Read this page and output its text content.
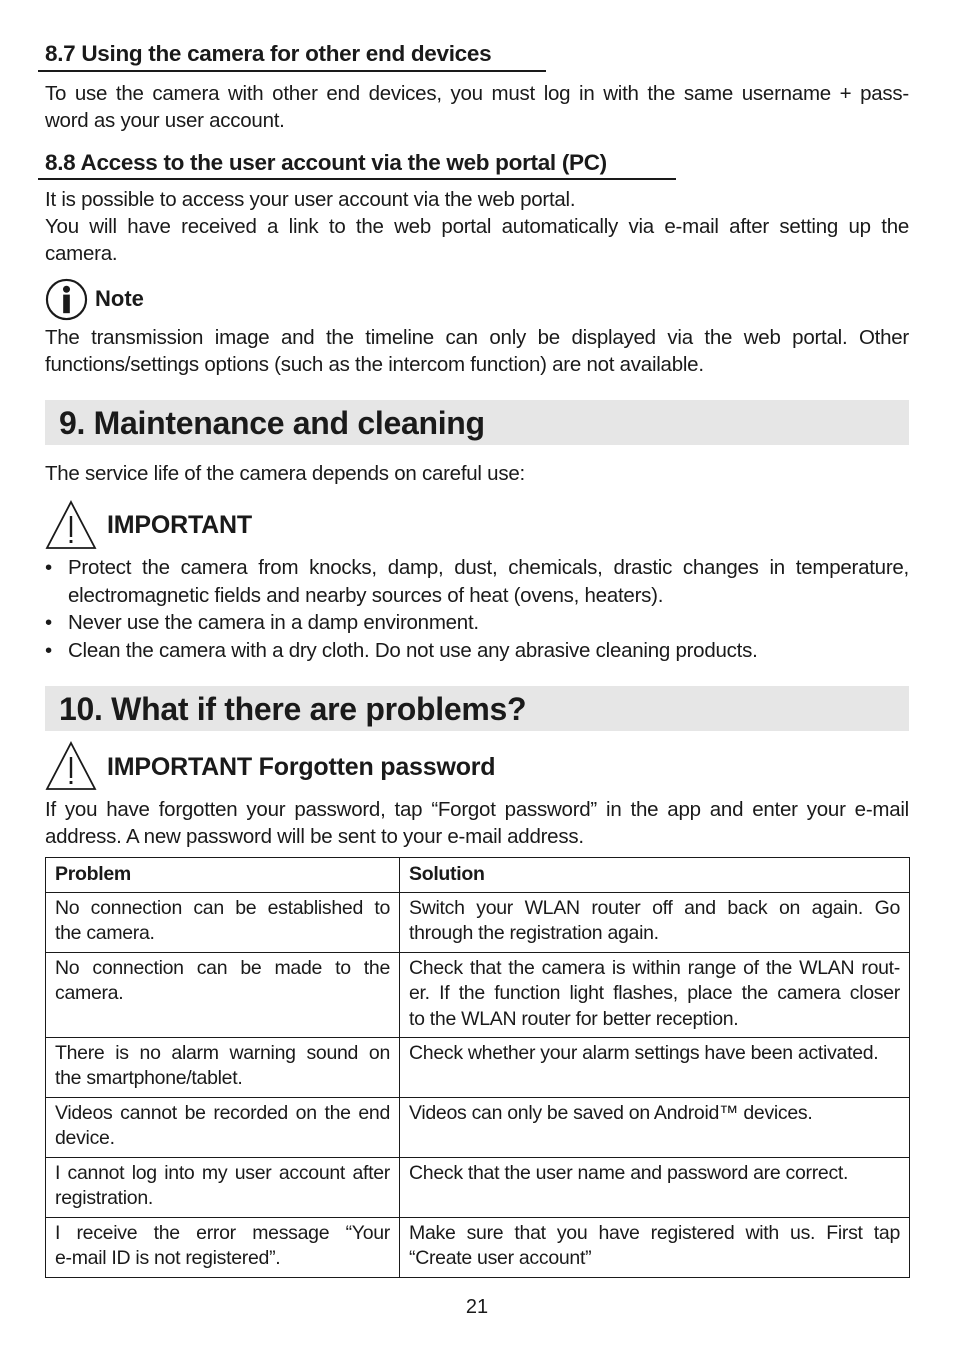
8.7 Using the camera for other end devices
To use the camera with other end devices, you must log in with the same username + pass-
word as your user account.
8.8 Access to the user account via the web portal (PC)
It is possible to access your user account via the web portal.
You will have received a link to the web portal automatically via e-mail after setting up the
camera.
Note
The transmission image and the timeline can only be displayed via the web portal. Other
functions/settings options (such as the intercom function) are not available.
9. Maintenance and cleaning
The service life of the camera depends on careful use:
IMPORTANT
• Protect the camera from knocks, damp, dust, chemicals, drastic changes in temperature,
electromagnetic fields and nearby sources of heat (ovens, heaters).
• Never use the camera in a damp environment.
• Clean the camera with a dry cloth. Do not use any abrasive cleaning products.
10. What if there are problems?
IMPORTANT Forgotten password
If you have forgotten your password, tap “Forgot password” in the app and enter your e-mail
address. A new password will be sent to your e-mail address.
Problem	Solution

No connection can be established to
the camera.	Switch your WLAN router off and back on again. Go
through the registration again.

No connection can be made to the
camera.	Check that the camera is within range of the WLAN rout-
er. If the function light flashes, place the camera closer
to the WLAN router for better reception.

There is no alarm warning sound on
the smartphone/tablet.	Check whether your alarm settings have been activated.

Videos cannot be recorded on the end
device.	Videos can only be saved on Android™ devices.

I cannot log into my user account after
registration.	Check that the user name and password are correct.

I receive the error message “Your
e-mail ID is not registered”.	Make sure that you have registered with us. First tap
“Create user account”
21
